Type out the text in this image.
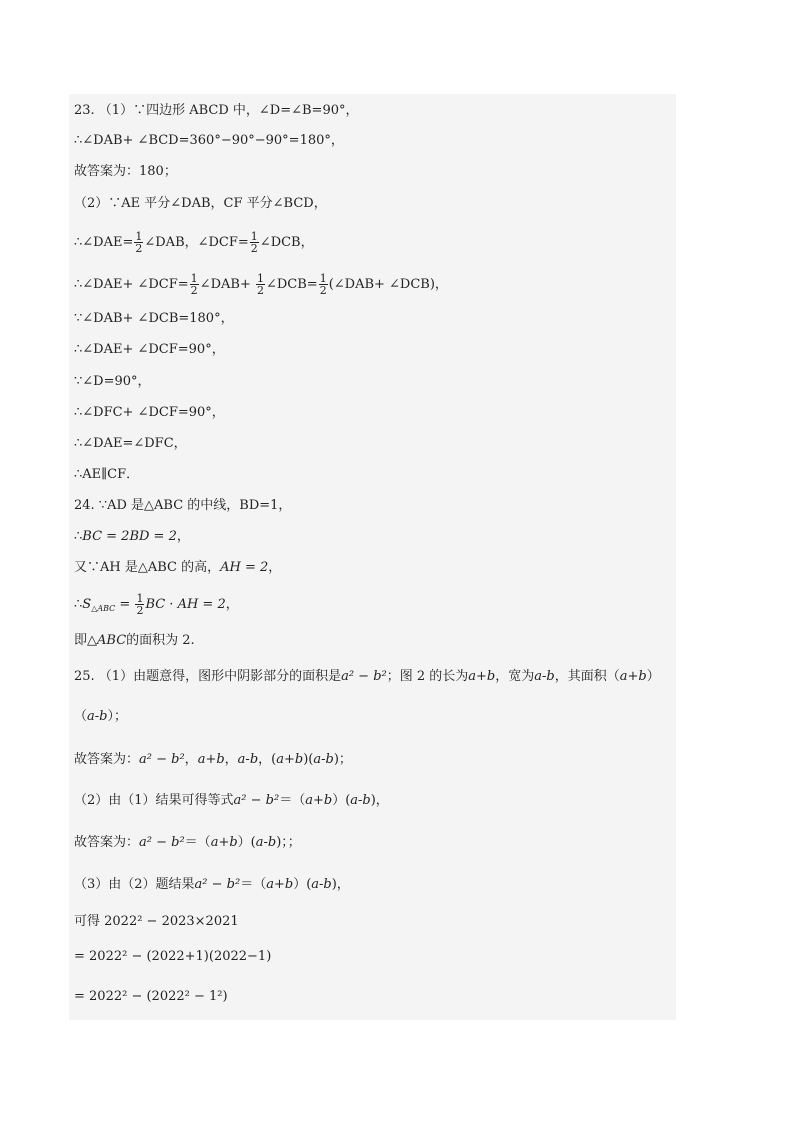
23. （1）∵四边形 ABCD 中，∠D=∠B=90°，
∴∠DAB+ ∠BCD=360°−90°−90°=180°，
故答案为：180；
（2）∵AE 平分∠DAB，CF 平分∠BCD，
∴∠DAE= $\frac{1}{2}$ ∠DAB，∠DCF= $\frac{1}{2}$ ∠DCB，
∴∠DAE+ ∠DCF= $\frac{1}{2}$ ∠DAB+ $\frac{1}{2}$ ∠DCB= $\frac{1}{2}$ (∠DAB+ ∠DCB)，
∵∠DAB+ ∠DCB=180°，
∴∠DAE+ ∠DCF=90°，
∵∠D=90°，
∴∠DFC+ ∠DCF=90°，
∴∠DAE=∠DFC，
∴AE∥CF．
24. ∵AD 是△ABC 的中线，BD=1，
∴BC = 2BD = 2，
又∵AH 是△ABC 的高，AH = 2，
$\therefore S_{\triangle ABC} = \frac{1}{2}$ BC · AH = 2，
即△ABC的面积为 2.
25. （1）由题意得，图形中阴影部分的面积是a² − b²；图 2 的长为a+b，宽为a-b，其面积（a+b）
（a-b）；
故答案为：a² − b²，a+b，a-b，(a+b)(a-b)；
（2）由（1）结果可得等式a² − b²＝（a+b）(a-b)，
故答案为：a² − b²＝（a+b）(a-b)；；
（3）由（2）题结果a² − b²＝（a+b）(a-b)，
可得 2022² − 2023×2021
= 2022² − (2022+1)(2022−1)
= 2022² − (2022² − 1²)
